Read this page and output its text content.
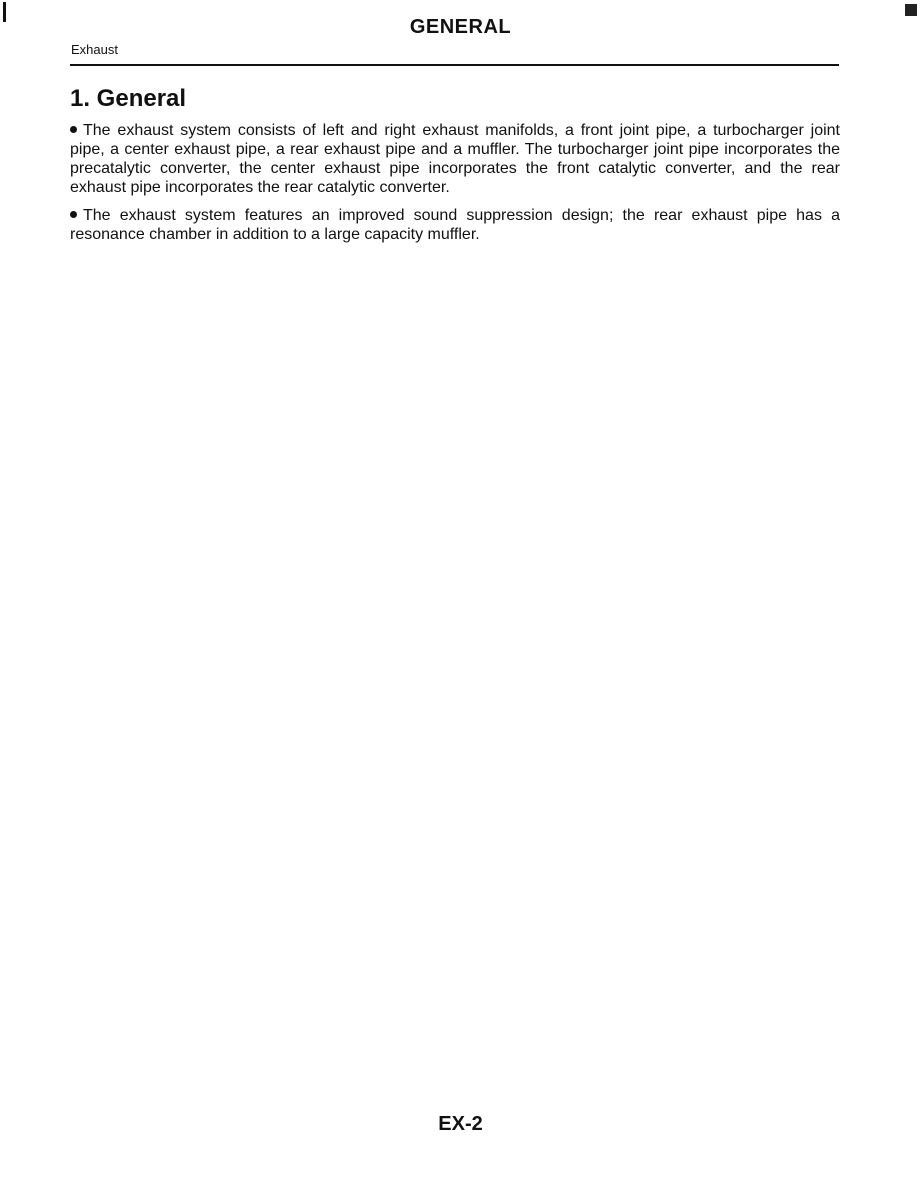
GENERAL
Exhaust
1. General

The exhaust system consists of left and right exhaust manifolds, a front joint pipe, a turbocharger joint pipe, a center exhaust pipe, a rear exhaust pipe and a muffler. The turbocharger joint pipe incorporates the precatalytic converter, the center exhaust pipe incorporates the front catalytic converter, and the rear exhaust pipe incorporates the rear catalytic converter.

The exhaust system features an improved sound suppression design; the rear exhaust pipe has a resonance chamber in addition to a large capacity muffler.

EX-2
